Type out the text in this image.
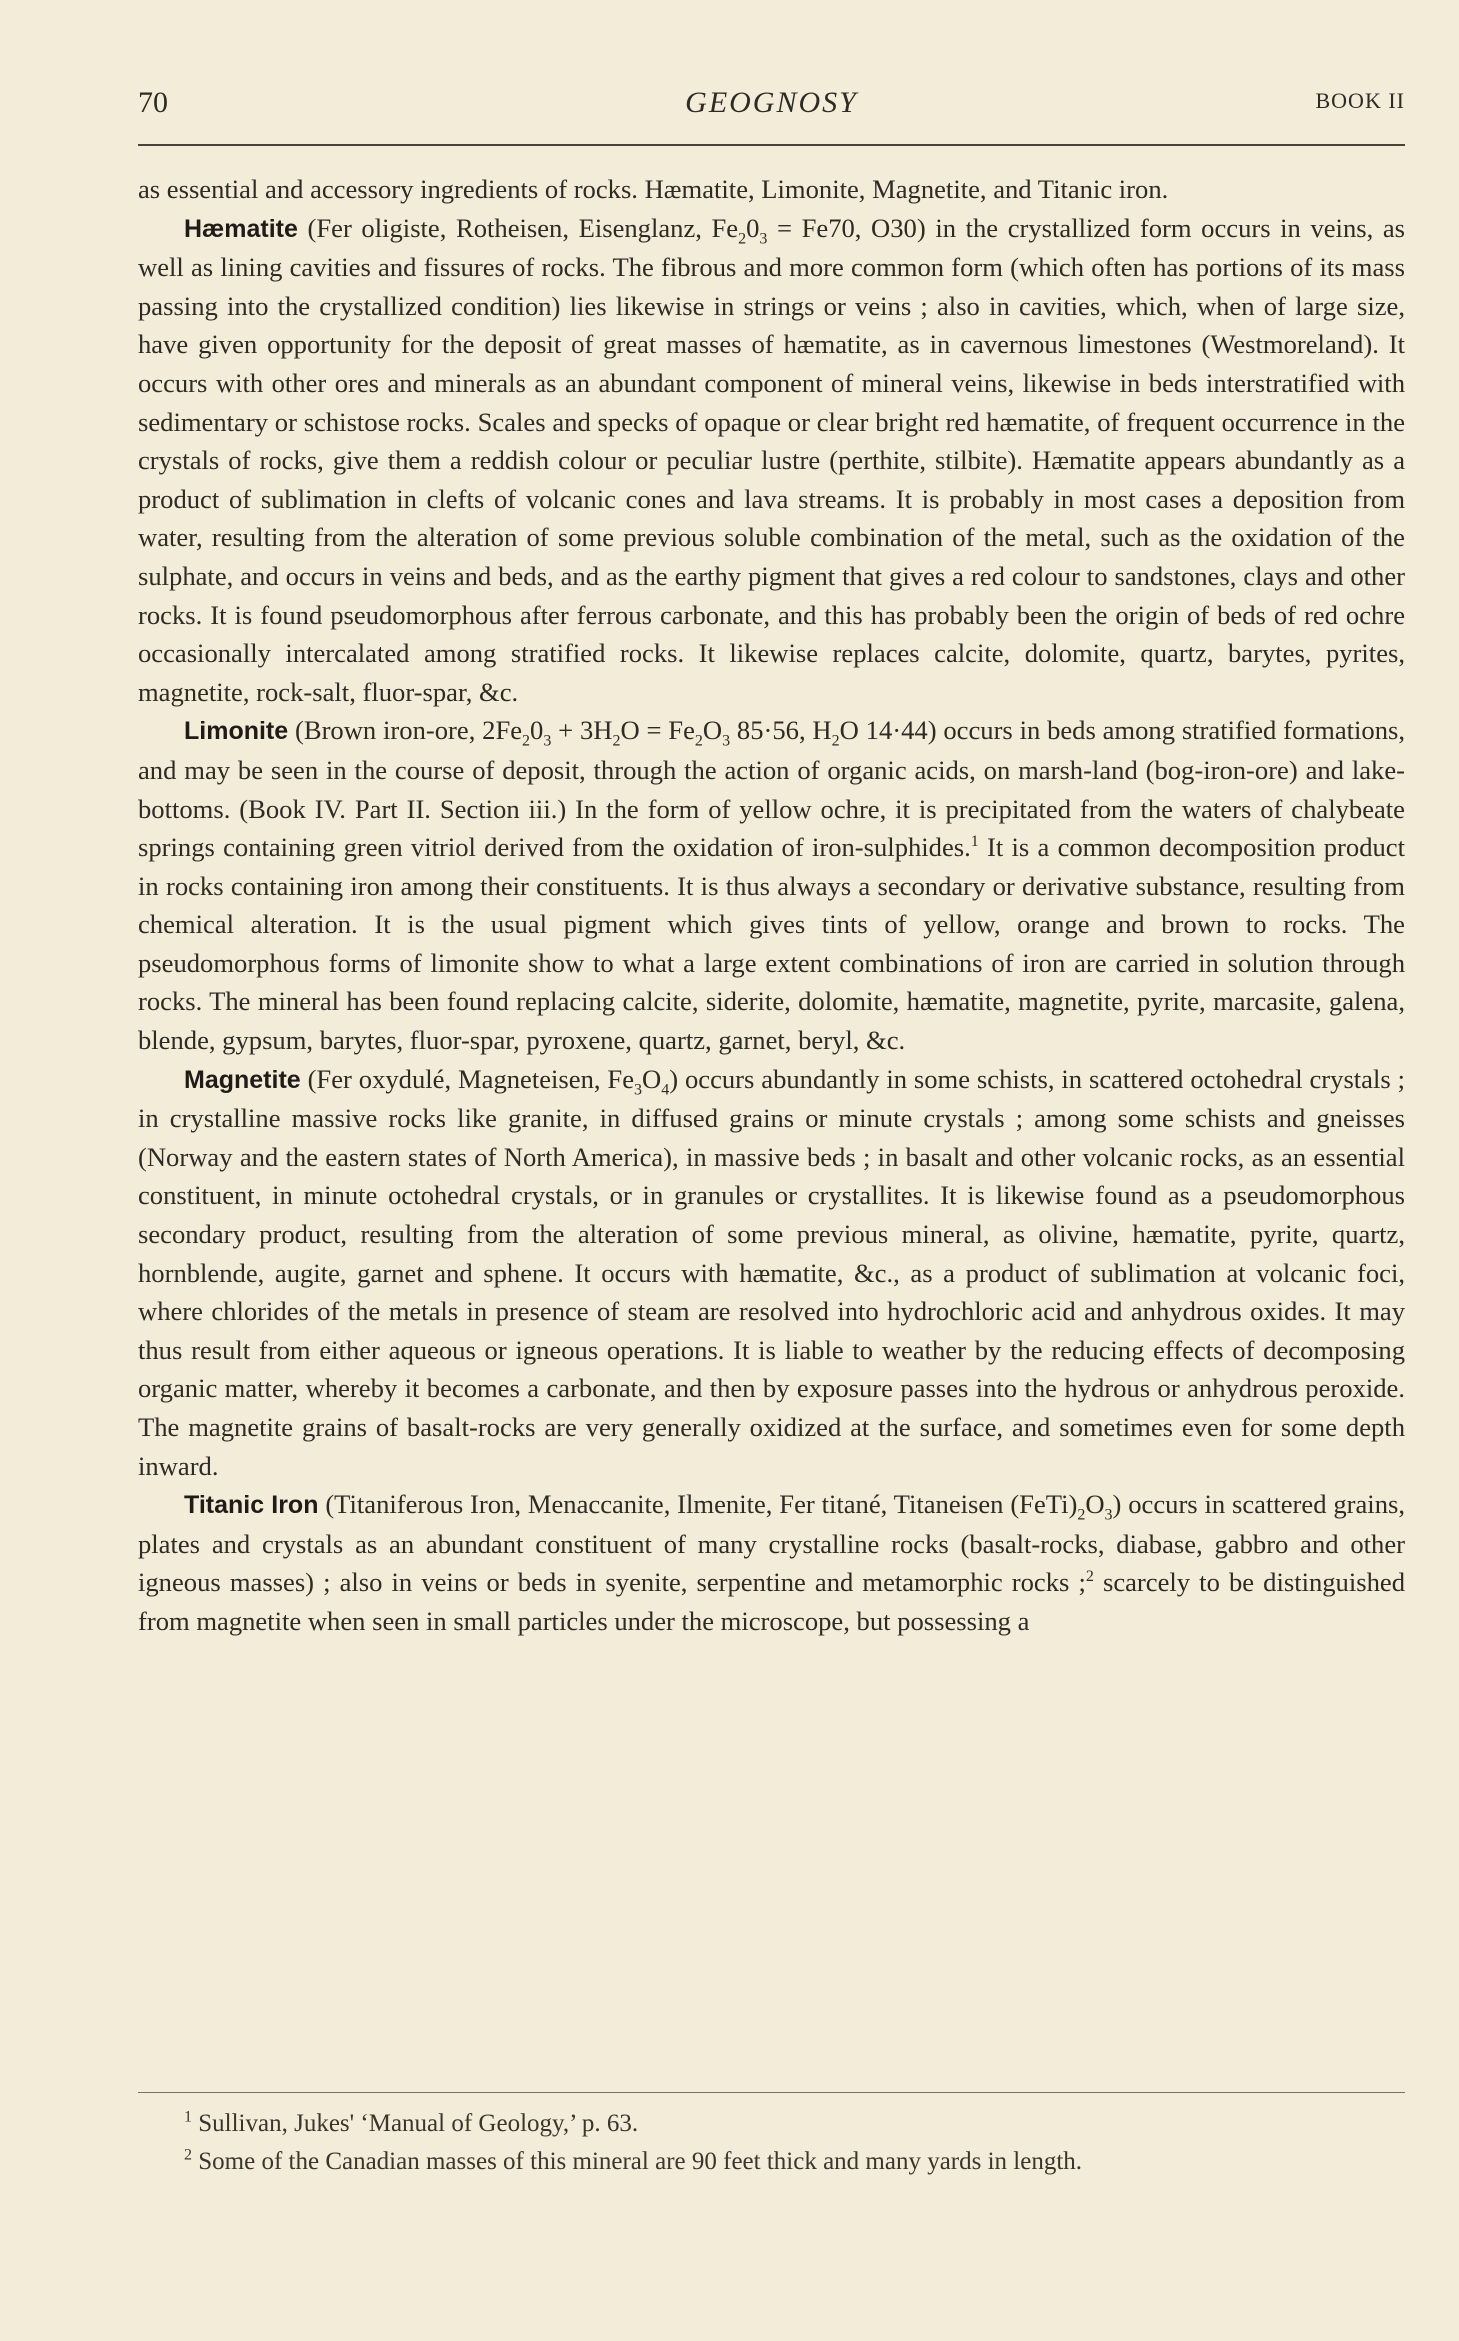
70	GEOGNOSY	BOOK II

as essential and accessory ingredients of rocks. Hæmatite, Limonite, Magnetite, and Titanic iron.

Hæmatite (Fer oligiste, Rotheisen, Eisenglanz, $Fe_20_3 = Fe70$, O30) in the crystallized form occurs in veins, as well as lining cavities and fissures of rocks. The fibrous and more common form (which often has portions of its mass passing into the crystallized condition) lies likewise in strings or veins ; also in cavities, which, when of large size, have given opportunity for the deposit of great masses of hæmatite, as in cavernous limestones (Westmoreland). It occurs with other ores and minerals as an abundant component of mineral veins, likewise in beds interstratified with sedimentary or schistose rocks. Scales and specks of opaque or clear bright red hæmatite, of frequent occurrence in the crystals of rocks, give them a reddish colour or peculiar lustre (perthite, stilbite). Hæmatite appears abundantly as a product of sublimation in clefts of volcanic cones and lava streams. It is probably in most cases a deposition from water, resulting from the alteration of some previous soluble combination of the metal, such as the oxidation of the sulphate, and occurs in veins and beds, and as the earthy pigment that gives a red colour to sandstones, clays and other rocks. It is found pseudomorphous after ferrous carbonate, and this has probably been the origin of beds of red ochre occasionally intercalated among stratified rocks. It likewise replaces calcite, dolomite, quartz, barytes, pyrites, magnetite, rock-salt, fluor-spar, &c.

Limonite (Brown iron-ore, $2Fe_20_3 + 3H_2O = Fe_2O_3$ 85·56, $H_2O$ 14·44) occurs in beds among stratified formations, and may be seen in the course of deposit, through the action of organic acids, on marsh-land (bog-iron-ore) and lake-bottoms. (Book IV. Part II. Section iii.) In the form of yellow ochre, it is precipitated from the waters of chalybeate springs containing green vitriol derived from the oxidation of iron-sulphides.$^1$ It is a common decomposition product in rocks containing iron among their constituents. It is thus always a secondary or derivative substance, resulting from chemical alteration. It is the usual pigment which gives tints of yellow, orange and brown to rocks. The pseudomorphous forms of limonite show to what a large extent combinations of iron are carried in solution through rocks. The mineral has been found replacing calcite, siderite, dolomite, hæmatite, magnetite, pyrite, marcasite, galena, blende, gypsum, barytes, fluor-spar, pyroxene, quartz, garnet, beryl, &c.

Magnetite (Fer oxydulé, Magneteisen, $Fe_3O_4$) occurs abundantly in some schists, in scattered octohedral crystals ; in crystalline massive rocks like granite, in diffused grains or minute crystals ; among some schists and gneisses (Norway and the eastern states of North America), in massive beds ; in basalt and other volcanic rocks, as an essential constituent, in minute octohedral crystals, or in granules or crystallites. It is likewise found as a pseudomorphous secondary product, resulting from the alteration of some previous mineral, as olivine, hæmatite, pyrite, quartz, hornblende, augite, garnet and sphene. It occurs with hæmatite, &c., as a product of sublimation at volcanic foci, where chlorides of the metals in presence of steam are resolved into hydrochloric acid and anhydrous oxides. It may thus result from either aqueous or igneous operations. It is liable to weather by the reducing effects of decomposing organic matter, whereby it becomes a carbonate, and then by exposure passes into the hydrous or anhydrous peroxide. The magnetite grains of basalt-rocks are very generally oxidized at the surface, and sometimes even for some depth inward.

Titanic Iron (Titaniferous Iron, Menaccanite, Ilmenite, Fer titané, Titaneisen $(FeTi)_2O_3$) occurs in scattered grains, plates and crystals as an abundant constituent of many crystalline rocks (basalt-rocks, diabase, gabbro and other igneous masses) ; also in veins or beds in syenite, serpentine and metamorphic rocks ;$^2$ scarcely to be distinguished from magnetite when seen in small particles under the microscope, but possessing a

$^1$ Sullivan, Jukes' ‘Manual of Geology,’ p. 63.

$^2$ Some of the Canadian masses of this mineral are 90 feet thick and many yards in length.
